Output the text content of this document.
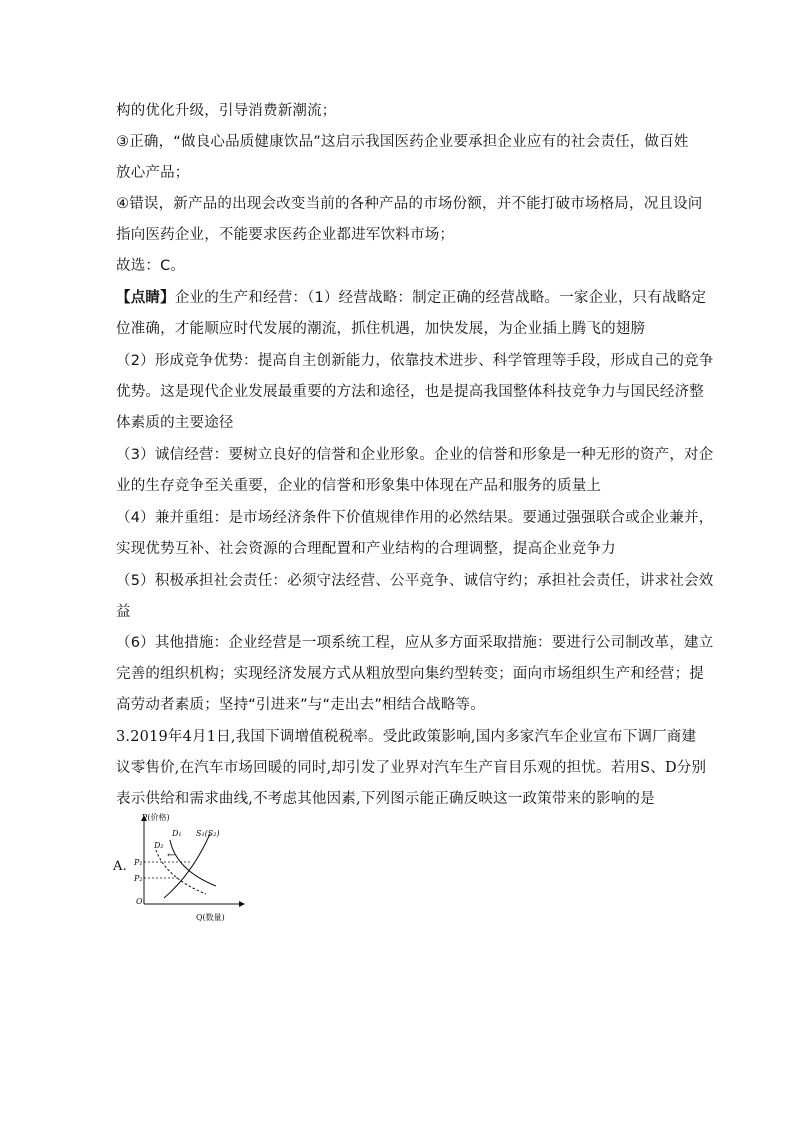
构的优化升级，引导消费新潮流；
③正确，“做良心品质健康饮品”这启示我国医药企业要承担企业应有的社会责任，做百姓
放心产品；
④错误，新产品的出现会改变当前的各种产品的市场份额，并不能打破市场格局，况且设问
指向医药企业，不能要求医药企业都进军饮料市场；
故选：C。
【点睛】企业的生产和经营：（1）经营战略：制定正确的经营战略。一家企业，只有战略定
位准确，才能顺应时代发展的潮流，抓住机遇，加快发展，为企业插上腾飞的翅膀
（2）形成竞争优势：提高自主创新能力，依靠技术进步、科学管理等手段，形成自己的竞争
优势。这是现代企业发展最重要的方法和途径，也是提高我国整体科技竞争力与国民经济整
体素质的主要途径
（3）诚信经营：要树立良好的信誉和企业形象。企业的信誉和形象是一种无形的资产，对企
业的生存竞争至关重要，企业的信誉和形象集中体现在产品和服务的质量上
（4）兼并重组：是市场经济条件下价值规律作用的必然结果。要通过强强联合或企业兼并，
实现优势互补、社会资源的合理配置和产业结构的合理调整，提高企业竞争力
（5）积极承担社会责任：必须守法经营、公平竞争、诚信守约；承担社会责任，讲求社会效
益
（6）其他措施：企业经营是一项系统工程，应从多方面采取措施：要进行公司制改革，建立
完善的组织机构；实现经济发展方式从粗放型向集约型转变；面向市场组织生产和经营；提
高劳动者素质；坚持“引进来”与“走出去”相结合战略等。
3.2019年4月1日,我国下调增值税税率。受此政策影响,国内多家汽车企业宣布下调厂商建
议零售价,在汽车市场回暖的同时,却引发了业界对汽车生产盲目乐观的担忧。若用S、D分别
表示供给和需求曲线,不考虑其他因素,下列图示能正确反映这一政策带来的影响的是
A.
P(价格)
Q(数量)
O
S₁(S₂)
D₁
D₂
←
P₁
P₂
